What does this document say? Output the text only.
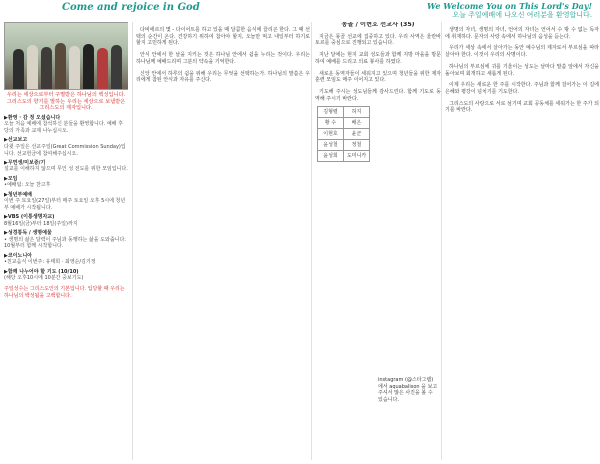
Come and rejoice in God	We Welcome You on This Lord's Day!
오늘 주일예배에 나오신 여러분을 환영합니다.
우리는 세상으로부터 구별받은 하나님의 백성입니다. 그리스도의 향기를 발하는 우리는 세상으로 보냄받은 그리스도의 제자입니다.
▶환영 · 감 정 오셨습니다
오늘 처음 예배에 참석하신 분들을 환영합니다. 예배 후 당의 가족과 교제 나누십시오.
▶선교보고
다윗 주일은 선교주일(Great Commission Sunday)입니다. 선교헌금에 참여해주십시오.
▶무연생/미보증/기
설교를 이해하지 않으며 무인 성 전도를 위한 모임입니다.
▶모임
•예배팀: 오늘 찬고후
▶청년부예배
이번 주 토요일(27일)부터 매주 토요일 오후 5시에 청년부 예배가 시작됩니다.
▶VBS (이통생명자교)
8월16일(금)부터 18일(주일)까지
▶성경통독 / 생명예물
• 생명의 삶은 달력이 주님과 동행하는 삶을 도와줍니다. 10월부터 함께 시작합니다.
▶코이노니아
•친교음식 이번주: 유태희 · 최영순/김기정
▶함께 나누어야 할 기도 (10/10)
(해당 오후10시에 10분간 중보기도)
주일성수는 그리스도인의 기본입니다. 입당할 때 우리는 하나님의 백성됨을 고백합니다.

다비에르의 몇 - 다이어트를 하고 있을 때 달콤한 음식에 끌리곤 한다. 그 때 선택의 순간이 온다. 건강하기 위하여 참아야 할지, 오늘만 먹고 내일부터 하기로 할지 고민하게 된다.

안식 안에서 한 날을 지키는 것은 하나님 안에서 쉼을 누리는 것이다. 우리는 하나님께 예배드리며 그분의 약속을 기억한다.

신앙 안에서 하루의 쉼을 위해 우리는 무엇을 선택하는가. 하나님의 말씀은 우리에게 참된 안식과 자유를 주신다.

몽골 / 이현호 선교사 (35)

지금은 몽골 선교에 집중하고 있다. 우리 사역은 울란바토르를 중심으로 진행되고 있습니다.

지난 달에는 현지 교회 성도들과 함께 지방 마을을 방문하여 예배를 드리고 의료 봉사를 하였다.

새로운 동역자들이 세워지고 있으며 청년들을 위한 제자훈련 모임도 매주 이어지고 있다.

기도해 주시는 성도님들께 감사드린다. 함께 기도로 동역해 주시기 바란다.

김형렬	허지
황 수	배은
이현호	윤군
윤성철	정철
윤성희	도미니카
instagram (@스타그램) 에서 aquabalison 을 보고 주셔서 많은 사진을 볼 수 있습니다.

생명의 자녀, 생명의 자녀, 언어의 자녀는 언어서 수 밖 수 없는 독자에 취재하다. 문자의 사랑 속에서 하나님의 음성을 듣는다.

우리가 세상 속에서 살아가는 동안 예수님의 제자로서 부르심을 따라 살아야 한다. 이것이 우리의 사명이다.

하나님의 부르심에 귀를 기울이는 성도는 날마다 말씀 앞에서 자신을 돌아보며 회개하고 새롭게 된다.

이제 우리는 새로운 한 주를 시작한다. 주님과 함께 걸어가는 이 길에 은혜와 평강이 넘치기를 기도한다.

그리스도의 사랑으로 서로 섬기며 교회 공동체를 세워가는 한 주가 되기를 바란다.
